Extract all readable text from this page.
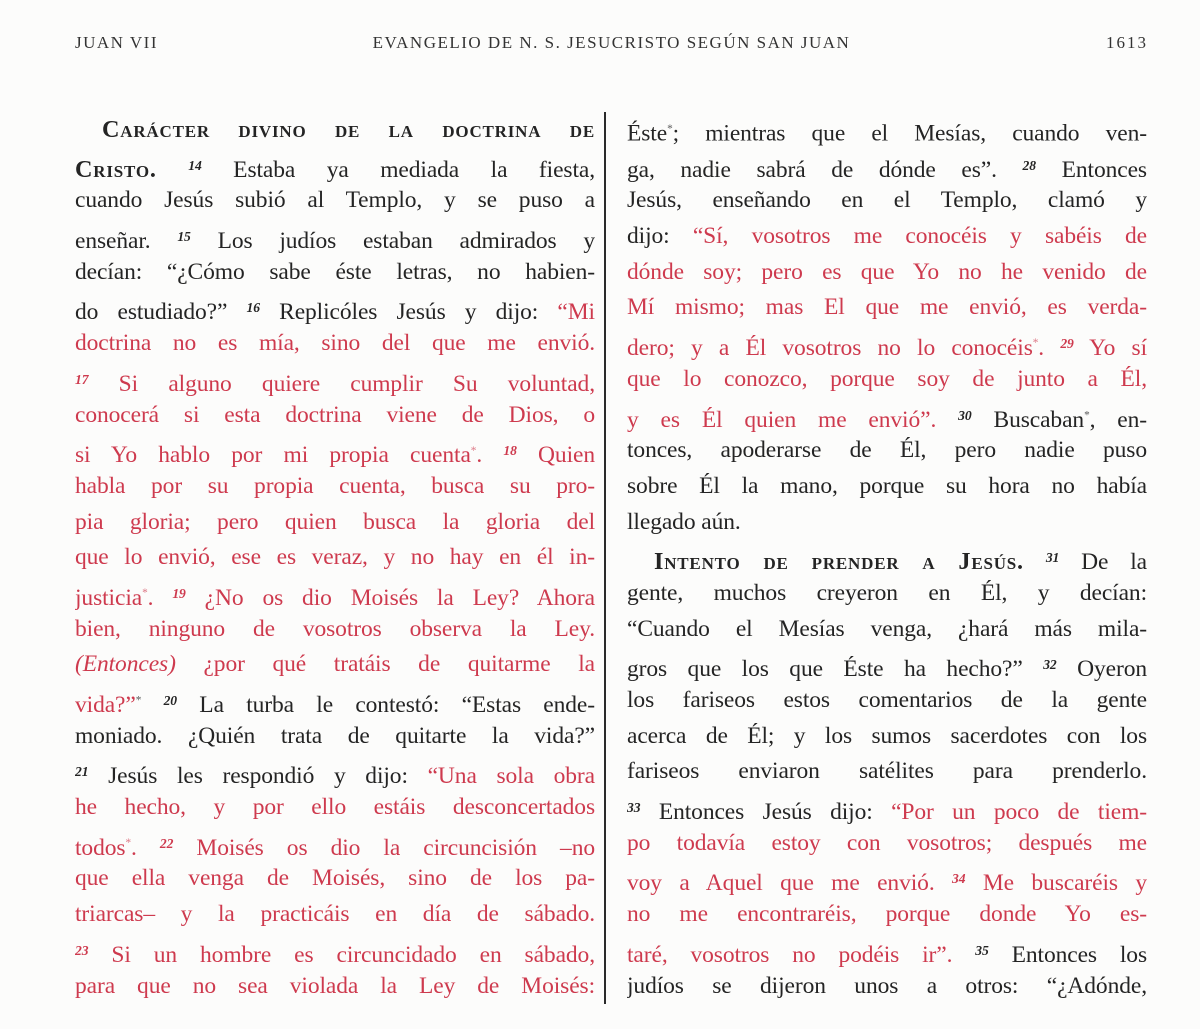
JUAN VII	EVANGELIO DE N. S. JESUCRISTO SEGÚN SAN JUAN	1613
Carácter divino de la doctrina de
Cristo. $^{14}$ Estaba ya mediada la fiesta,
cuando Jesús subió al Templo, y se puso a
enseñar. $^{15}$ Los judíos estaban admirados y
decían: “¿Cómo sabe éste letras, no habien-
do estudiado?” $^{16}$ Replicóles Jesús y dijo: “Mi
doctrina no es mía, sino del que me envió.
$^{17}$ Si alguno quiere cumplir Su voluntad,
conocerá si esta doctrina viene de Dios, o
si Yo hablo por mi propia cuenta*. $^{18}$ Quien
habla por su propia cuenta, busca su pro-
pia gloria; pero quien busca la gloria del
que lo envió, ese es veraz, y no hay en él in-
justicia*. $^{19}$ ¿No os dio Moisés la Ley? Ahora
bien, ninguno de vosotros observa la Ley.
(Entonces) ¿por qué tratáis de quitarme la
vida?”* $^{20}$ La turba le contestó: “Estas ende-
moniado. ¿Quién trata de quitarte la vida?”
$^{21}$ Jesús les respondió y dijo: “Una sola obra
he hecho, y por ello estáis desconcertados
todos*. $^{22}$ Moisés os dio la circuncisión –no
que ella venga de Moisés, sino de los pa-
triarcas– y la practicáis en día de sábado.
$^{23}$ Si un hombre es circuncidado en sábado,
para que no sea violada la Ley de Moisés:
Éste*; mientras que el Mesías, cuando ven-
ga, nadie sabrá de dónde es”. $^{28}$ Entonces
Jesús, enseñando en el Templo, clamó y
dijo: “Sí, vosotros me conocéis y sabéis de
dónde soy; pero es que Yo no he venido de
Mí mismo; mas El que me envió, es verda-
dero; y a Él vosotros no lo conocéis*. $^{29}$ Yo sí
que lo conozco, porque soy de junto a Él,
y es Él quien me envió”. $^{30}$ Buscaban*, en-
tonces, apoderarse de Él, pero nadie puso
sobre Él la mano, porque su hora no había
llegado aún.
Intento de prender a Jesús. $^{31}$ De la
gente, muchos creyeron en Él, y decían:
“Cuando el Mesías venga, ¿hará más mila-
gros que los que Éste ha hecho?” $^{32}$ Oyeron
los fariseos estos comentarios de la gente
acerca de Él; y los sumos sacerdotes con los
fariseos enviaron satélites para prenderlo.
$^{33}$ Entonces Jesús dijo: “Por un poco de tiem-
po todavía estoy con vosotros; después me
voy a Aquel que me envió. $^{34}$ Me buscaréis y
no me encontraréis, porque donde Yo es-
taré, vosotros no podéis ir”. $^{35}$ Entonces los
judíos se dijeron unos a otros: “¿Adónde,
